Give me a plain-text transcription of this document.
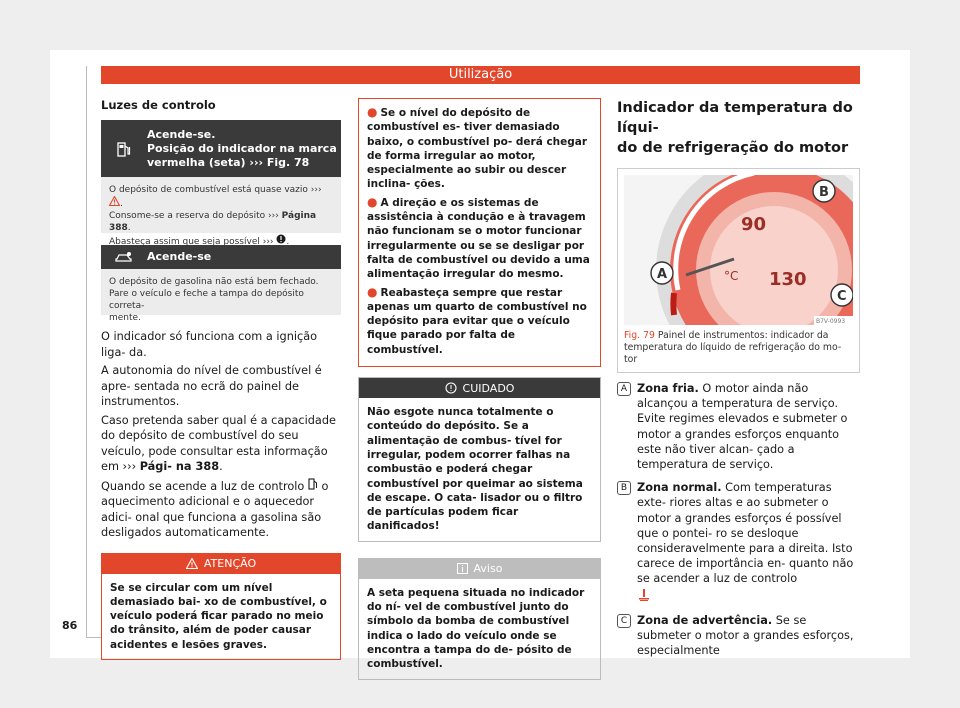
Utilização
Luzes de controlo
Acende-se.
Posição do indicador na marca
vermelha (seta) ››› Fig. 78
O depósito de combustível está quase vazio ››› .
Consome-se a reserva do depósito ››› Página 388.
Abasteça assim que seja possível ››› .
Acende-se
O depósito de gasolina não está bem fechado.
Pare o veículo e feche a tampa do depósito correta-
mente.

O indicador só funciona com a ignição liga- da.

A autonomia do nível de combustível é apre- sentada no ecrã do painel de instrumentos.

Caso pretenda saber qual é a capacidade do depósito de combustível do seu veículo, pode consultar esta informação em ››› Pági- na 388.

Quando se acende a luz de controlo  o aquecimento adicional e o aquecedor adici- onal que funciona a gasolina são desligados automaticamente.

ATENÇÃO
Se se circular com um nível demasiado bai- xo de combustível, o veículo poderá ficar parado no meio do trânsito, além de poder causar acidentes e lesões graves.
● Se o nível do depósito de combustível es- tiver demasiado baixo, o combustível po- derá chegar de forma irregular ao motor, especialmente ao subir ou descer inclina- ções.
● A direção e os sistemas de assistência à condução e à travagem não funcionam se o motor funcionar irregularmente ou se se desligar por falta de combustível ou devido a uma alimentação irregular do mesmo.
● Reabasteça sempre que restar apenas um quarto de combustível no depósito para evitar que o veículo fique parado por falta de combustível.
CUIDADO
Não esgote nunca totalmente o conteúdo do depósito. Se a alimentação de combus- tível for irregular, podem ocorrer falhas na combustão e poderá chegar combustível por queimar ao sistema de escape. O cata- lisador ou o filtro de partículas podem ficar danificados!
Aviso
A seta pequena situada no indicador do ní- vel de combustível junto do símbolo da bomba de combustível indica o lado do veículo onde se encontra a tampa do de- pósito de combustível.
Indicador da temperatura do líqui-
do de refrigeração do motor
90
130
°C
A
B
C
B7V-0993
Fig. 79 Painel de instrumentos: indicador da temperatura do líquido de refrigeração do mo- tor
A Zona fria. O motor ainda não alcançou a temperatura de serviço. Evite regimes elevados e submeter o motor a grandes esforços enquanto este não tiver alcan- çado a temperatura de serviço.
B Zona normal. Com temperaturas exte- riores altas e ao submeter o motor a grandes esforços é possível que o pontei- ro se desloque consideravelmente para a direita. Isto carece de importância en- quanto não se acender a luz de controlo
C Zona de advertência. Se se submeter o motor a grandes esforços, especialmente
86
